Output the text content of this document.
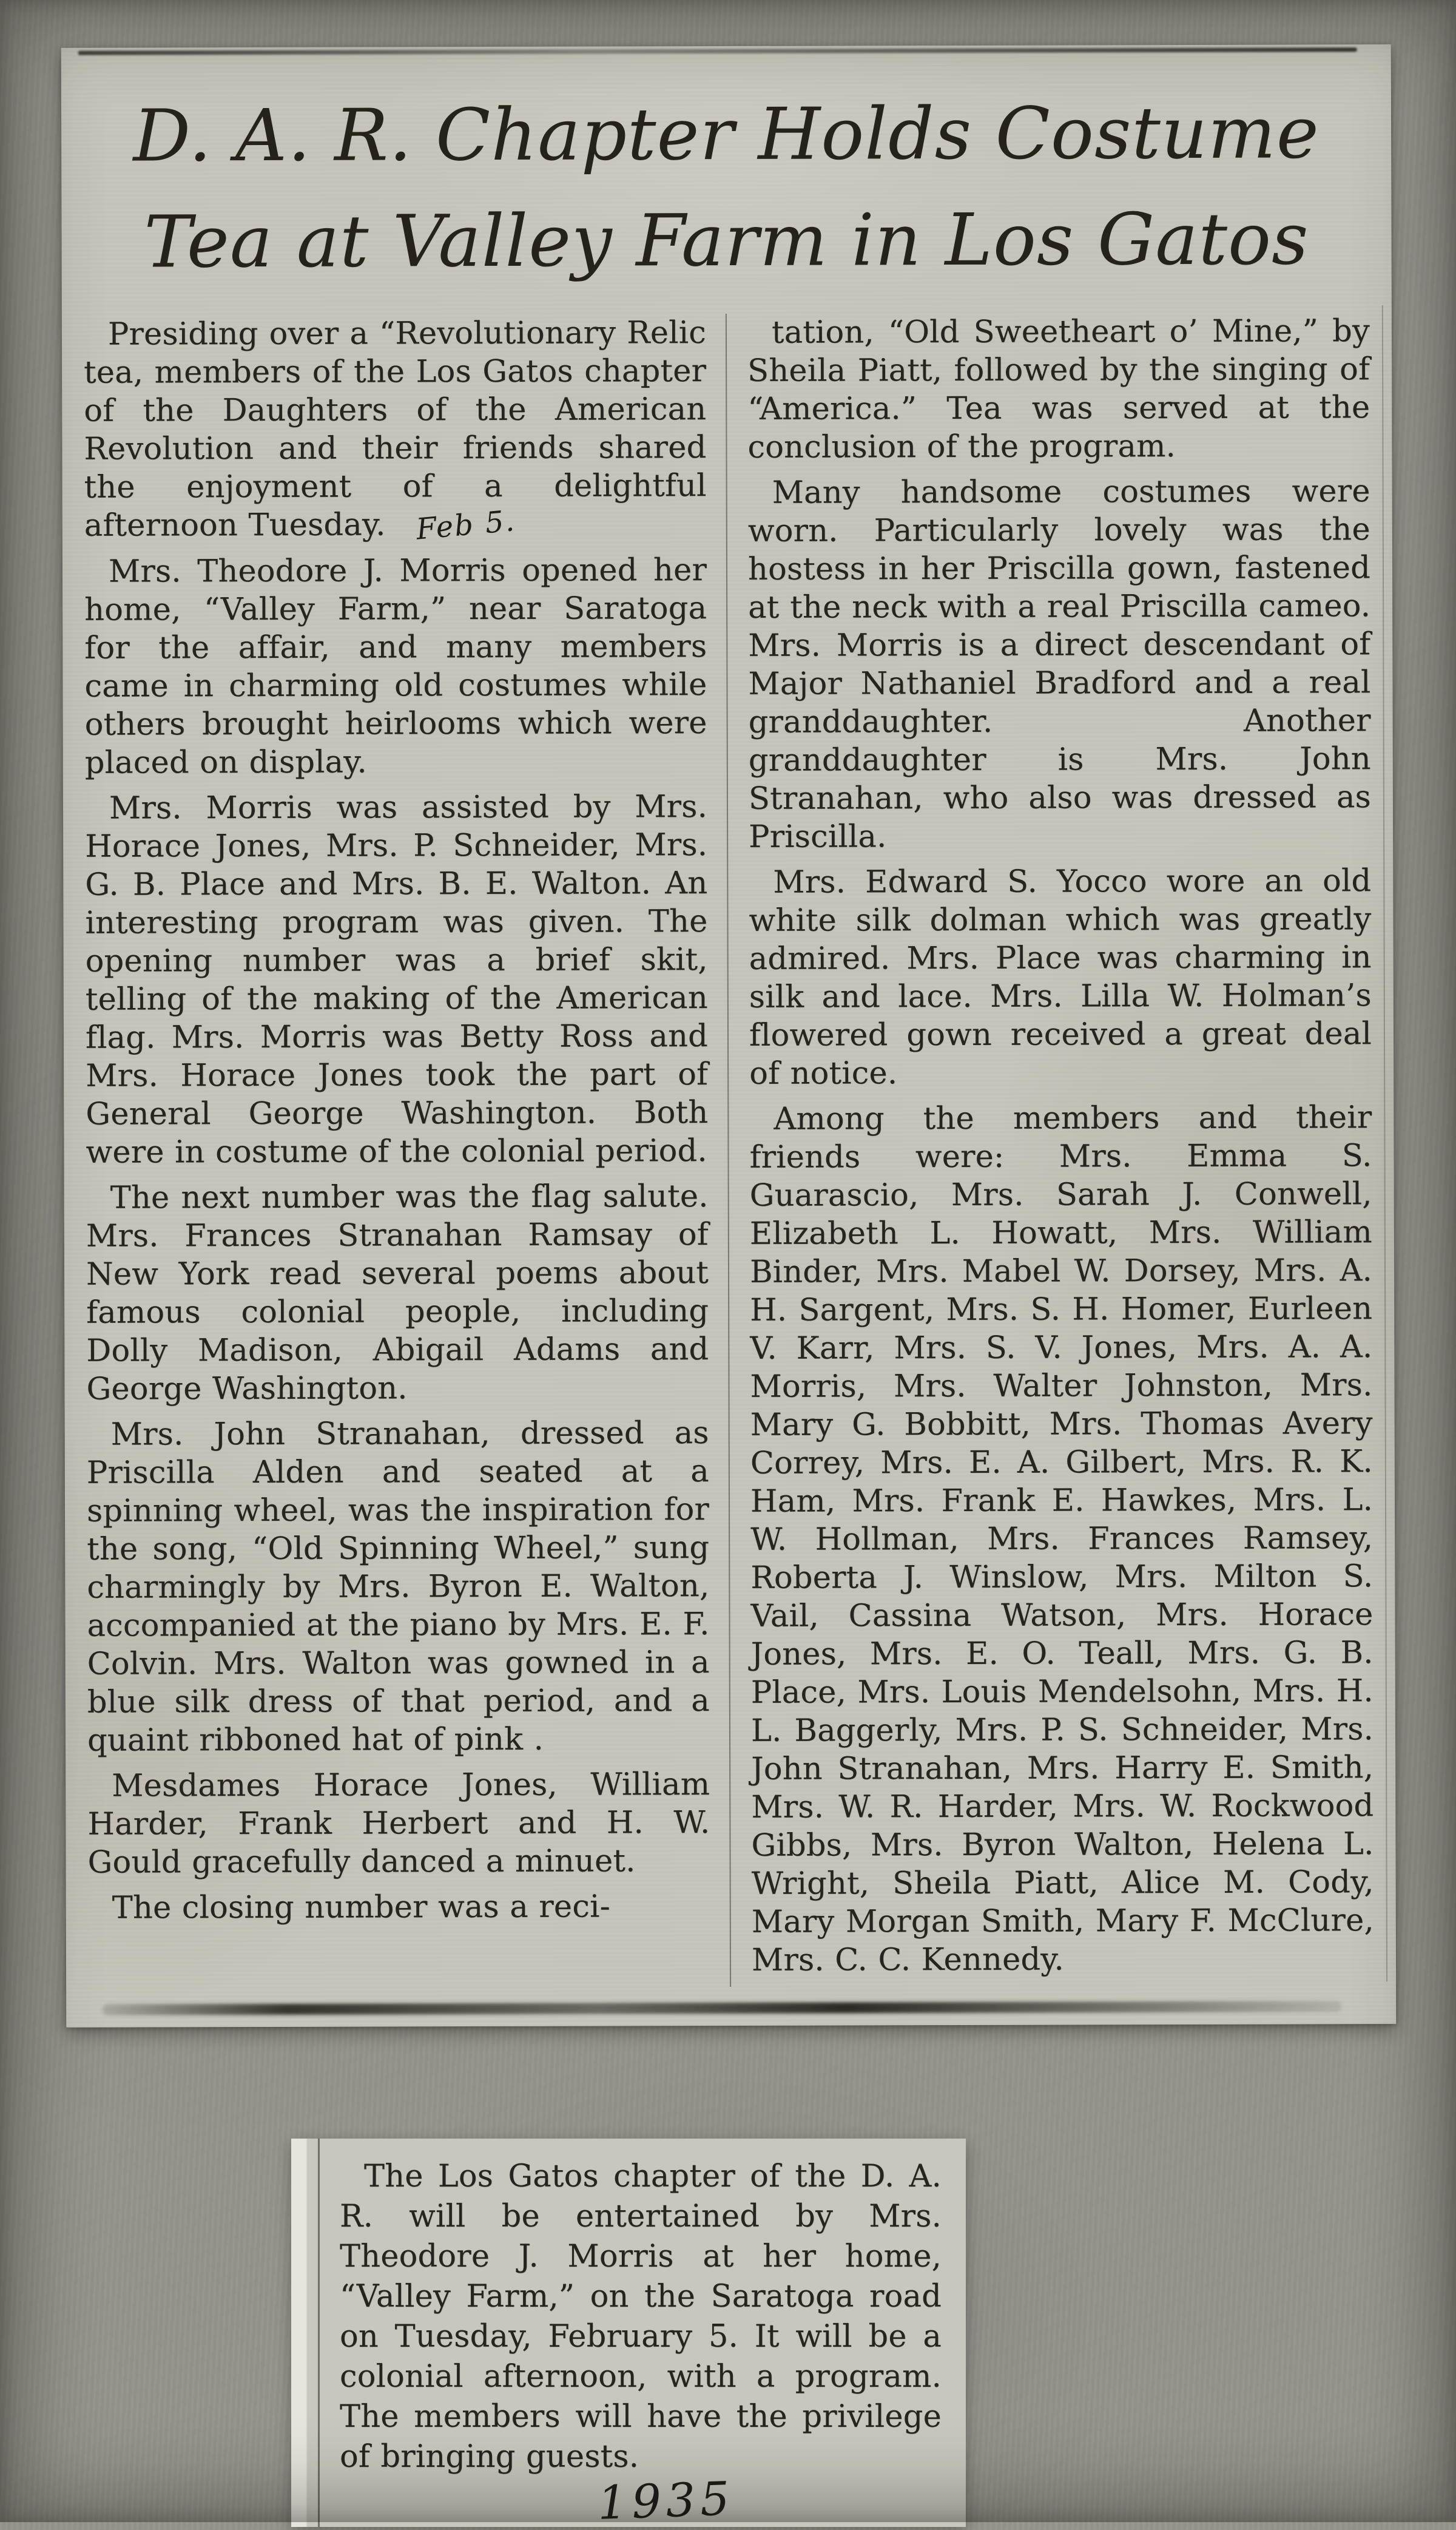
D. A. R. Chapter Holds Costume
Tea at Valley Farm in Los Gatos

Presiding over a “Revolutionary Relic tea, members of the Los Gatos chapter of the Daughters of the American Revolution and their friends shared the enjoyment of a delightful afternoon Tuesday. Feb 5.

Mrs. Theodore J. Morris opened her home, “Valley Farm,” near Saratoga for the affair, and many members came in charming old costumes while others brought heirlooms which were placed on display.

Mrs. Morris was assisted by Mrs. Horace Jones, Mrs. P. Schneider, Mrs. G. B. Place and Mrs. B. E. Walton. An interesting program was given. The opening number was a brief skit, telling of the making of the American flag. Mrs. Morris was Betty Ross and Mrs. Horace Jones took the part of General George Washington. Both were in costume of the colonial period.

The next number was the flag salute. Mrs. Frances Stranahan Ramsay of New York read several poems about famous colonial people, including Dolly Madison, Abigail Adams and George Washington.

Mrs. John Stranahan, dressed as Priscilla Alden and seated at a spinning wheel, was the inspiration for the song, “Old Spinning Wheel,” sung charmingly by Mrs. Byron E. Walton, accompanied at the piano by Mrs. E. F. Colvin. Mrs. Walton was gowned in a blue silk dress of that period, and a quaint ribboned hat of pink .

Mesdames Horace Jones, William Harder, Frank Herbert and H. W. Gould gracefully danced a minuet.

The closing number was a reci-

tation, “Old Sweetheart o’ Mine,” by Sheila Piatt, followed by the singing of “America.” Tea was served at the conclusion of the program.

Many handsome costumes were worn. Particularly lovely was the hostess in her Priscilla gown, fastened at the neck with a real Priscilla cameo. Mrs. Morris is a direct descendant of Major Nathaniel Bradford and a real granddaughter. Another granddaughter is Mrs. John Stranahan, who also was dressed as Priscilla.

Mrs. Edward S. Yocco wore an old white silk dolman which was greatly admired. Mrs. Place was charming in silk and lace. Mrs. Lilla W. Holman’s flowered gown received a great deal of notice.

Among the members and their friends were: Mrs. Emma S. Guarascio, Mrs. Sarah J. Conwell, Elizabeth L. Howatt, Mrs. William Binder, Mrs. Mabel W. Dorsey, Mrs. A. H. Sargent, Mrs. S. H. Homer, Eurleen V. Karr, Mrs. S. V. Jones, Mrs. A. A. Morris, Mrs. Walter Johnston, Mrs. Mary G. Bobbitt, Mrs. Thomas Avery Correy, Mrs. E. A. Gilbert, Mrs. R. K. Ham, Mrs. Frank E. Hawkes, Mrs. L. W. Hollman, Mrs. Frances Ramsey, Roberta J. Winslow, Mrs. Milton S. Vail, Cassina Watson, Mrs. Horace Jones, Mrs. E. O. Teall, Mrs. G. B. Place, Mrs. Louis Mendelsohn, Mrs. H. L. Baggerly, Mrs. P. S. Schneider, Mrs. John Stranahan, Mrs. Harry E. Smith, Mrs. W. R. Harder, Mrs. W. Rockwood Gibbs, Mrs. Byron Walton, Helena L. Wright, Sheila Piatt, Alice M. Cody, Mary Morgan Smith, Mary F. McClure, Mrs. C. C. Kennedy.

The Los Gatos chapter of the D. A. R. will be entertained by Mrs. Theodore J. Morris at her home, “Valley Farm,” on the Saratoga road on Tuesday, February 5. It will be a colonial afternoon, with a program. The members will have the privilege of bringing guests.

1935
